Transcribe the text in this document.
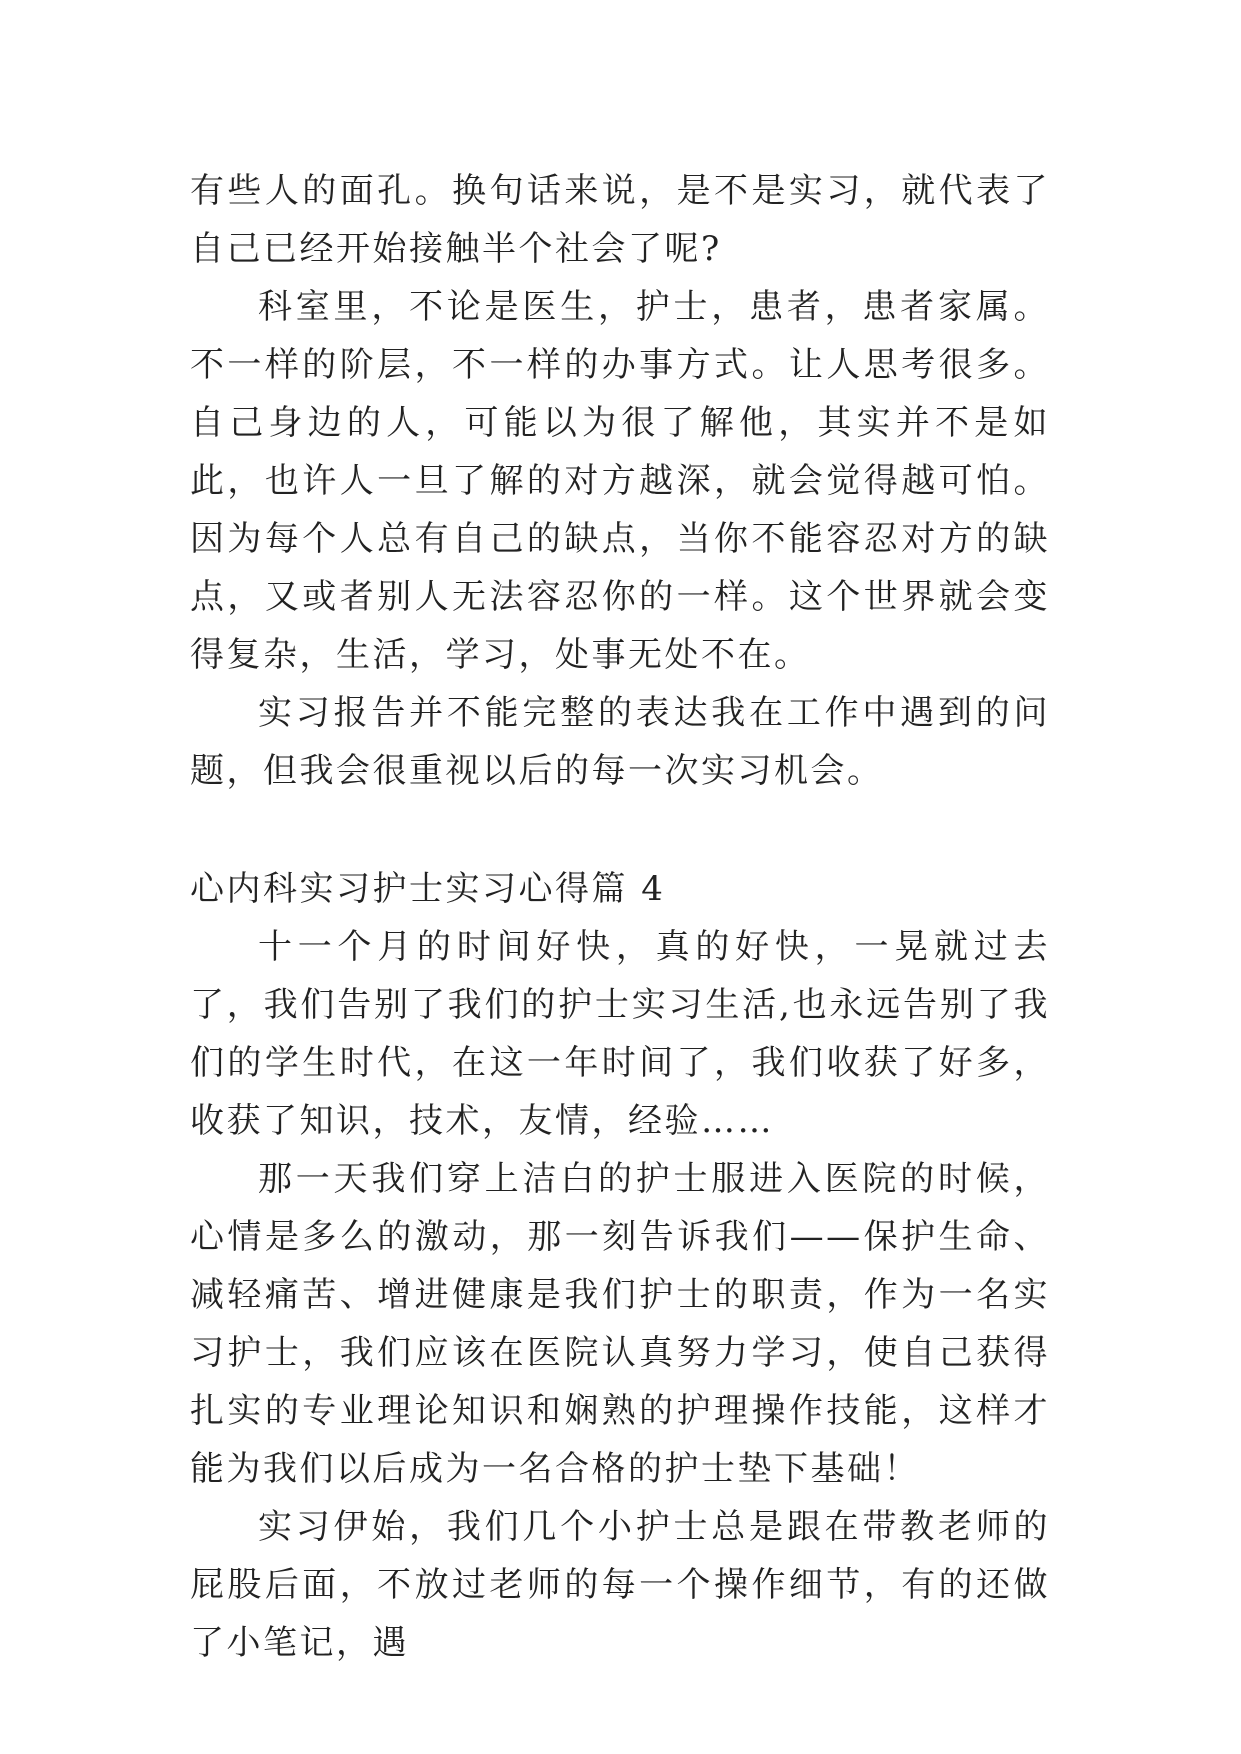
有些人的面孔。换句话来说，是不是实习，就代表了自己已经开始接触半个社会了呢?

科室里，不论是医生，护士，患者，患者家属。不一样的阶层，不一样的办事方式。让人思考很多。自己身边的人，可能以为很了解他，其实并不是如此，也许人一旦了解的对方越深，就会觉得越可怕。因为每个人总有自己的缺点，当你不能容忍对方的缺点，又或者别人无法容忍你的一样。这个世界就会变得复杂，生活，学习，处事无处不在。

实习报告并不能完整的表达我在工作中遇到的问题，但我会很重视以后的每一次实习机会。

心内科实习护士实习心得篇 4

十一个月的时间好快，真的好快，一晃就过去了，我们告别了我们的护士实习生活,也永远告别了我们的学生时代，在这一年时间了，我们收获了好多，收获了知识，技术，友情，经验……

那一天我们穿上洁白的护士服进入医院的时候，心情是多么的激动，那一刻告诉我们——保护生命、减轻痛苦、增进健康是我们护士的职责，作为一名实习护士，我们应该在医院认真努力学习，使自己获得扎实的专业理论知识和娴熟的护理操作技能，这样才能为我们以后成为一名合格的护士垫下基础！

实习伊始，我们几个小护士总是跟在带教老师的屁股后面，不放过老师的每一个操作细节，有的还做了小笔记，遇
